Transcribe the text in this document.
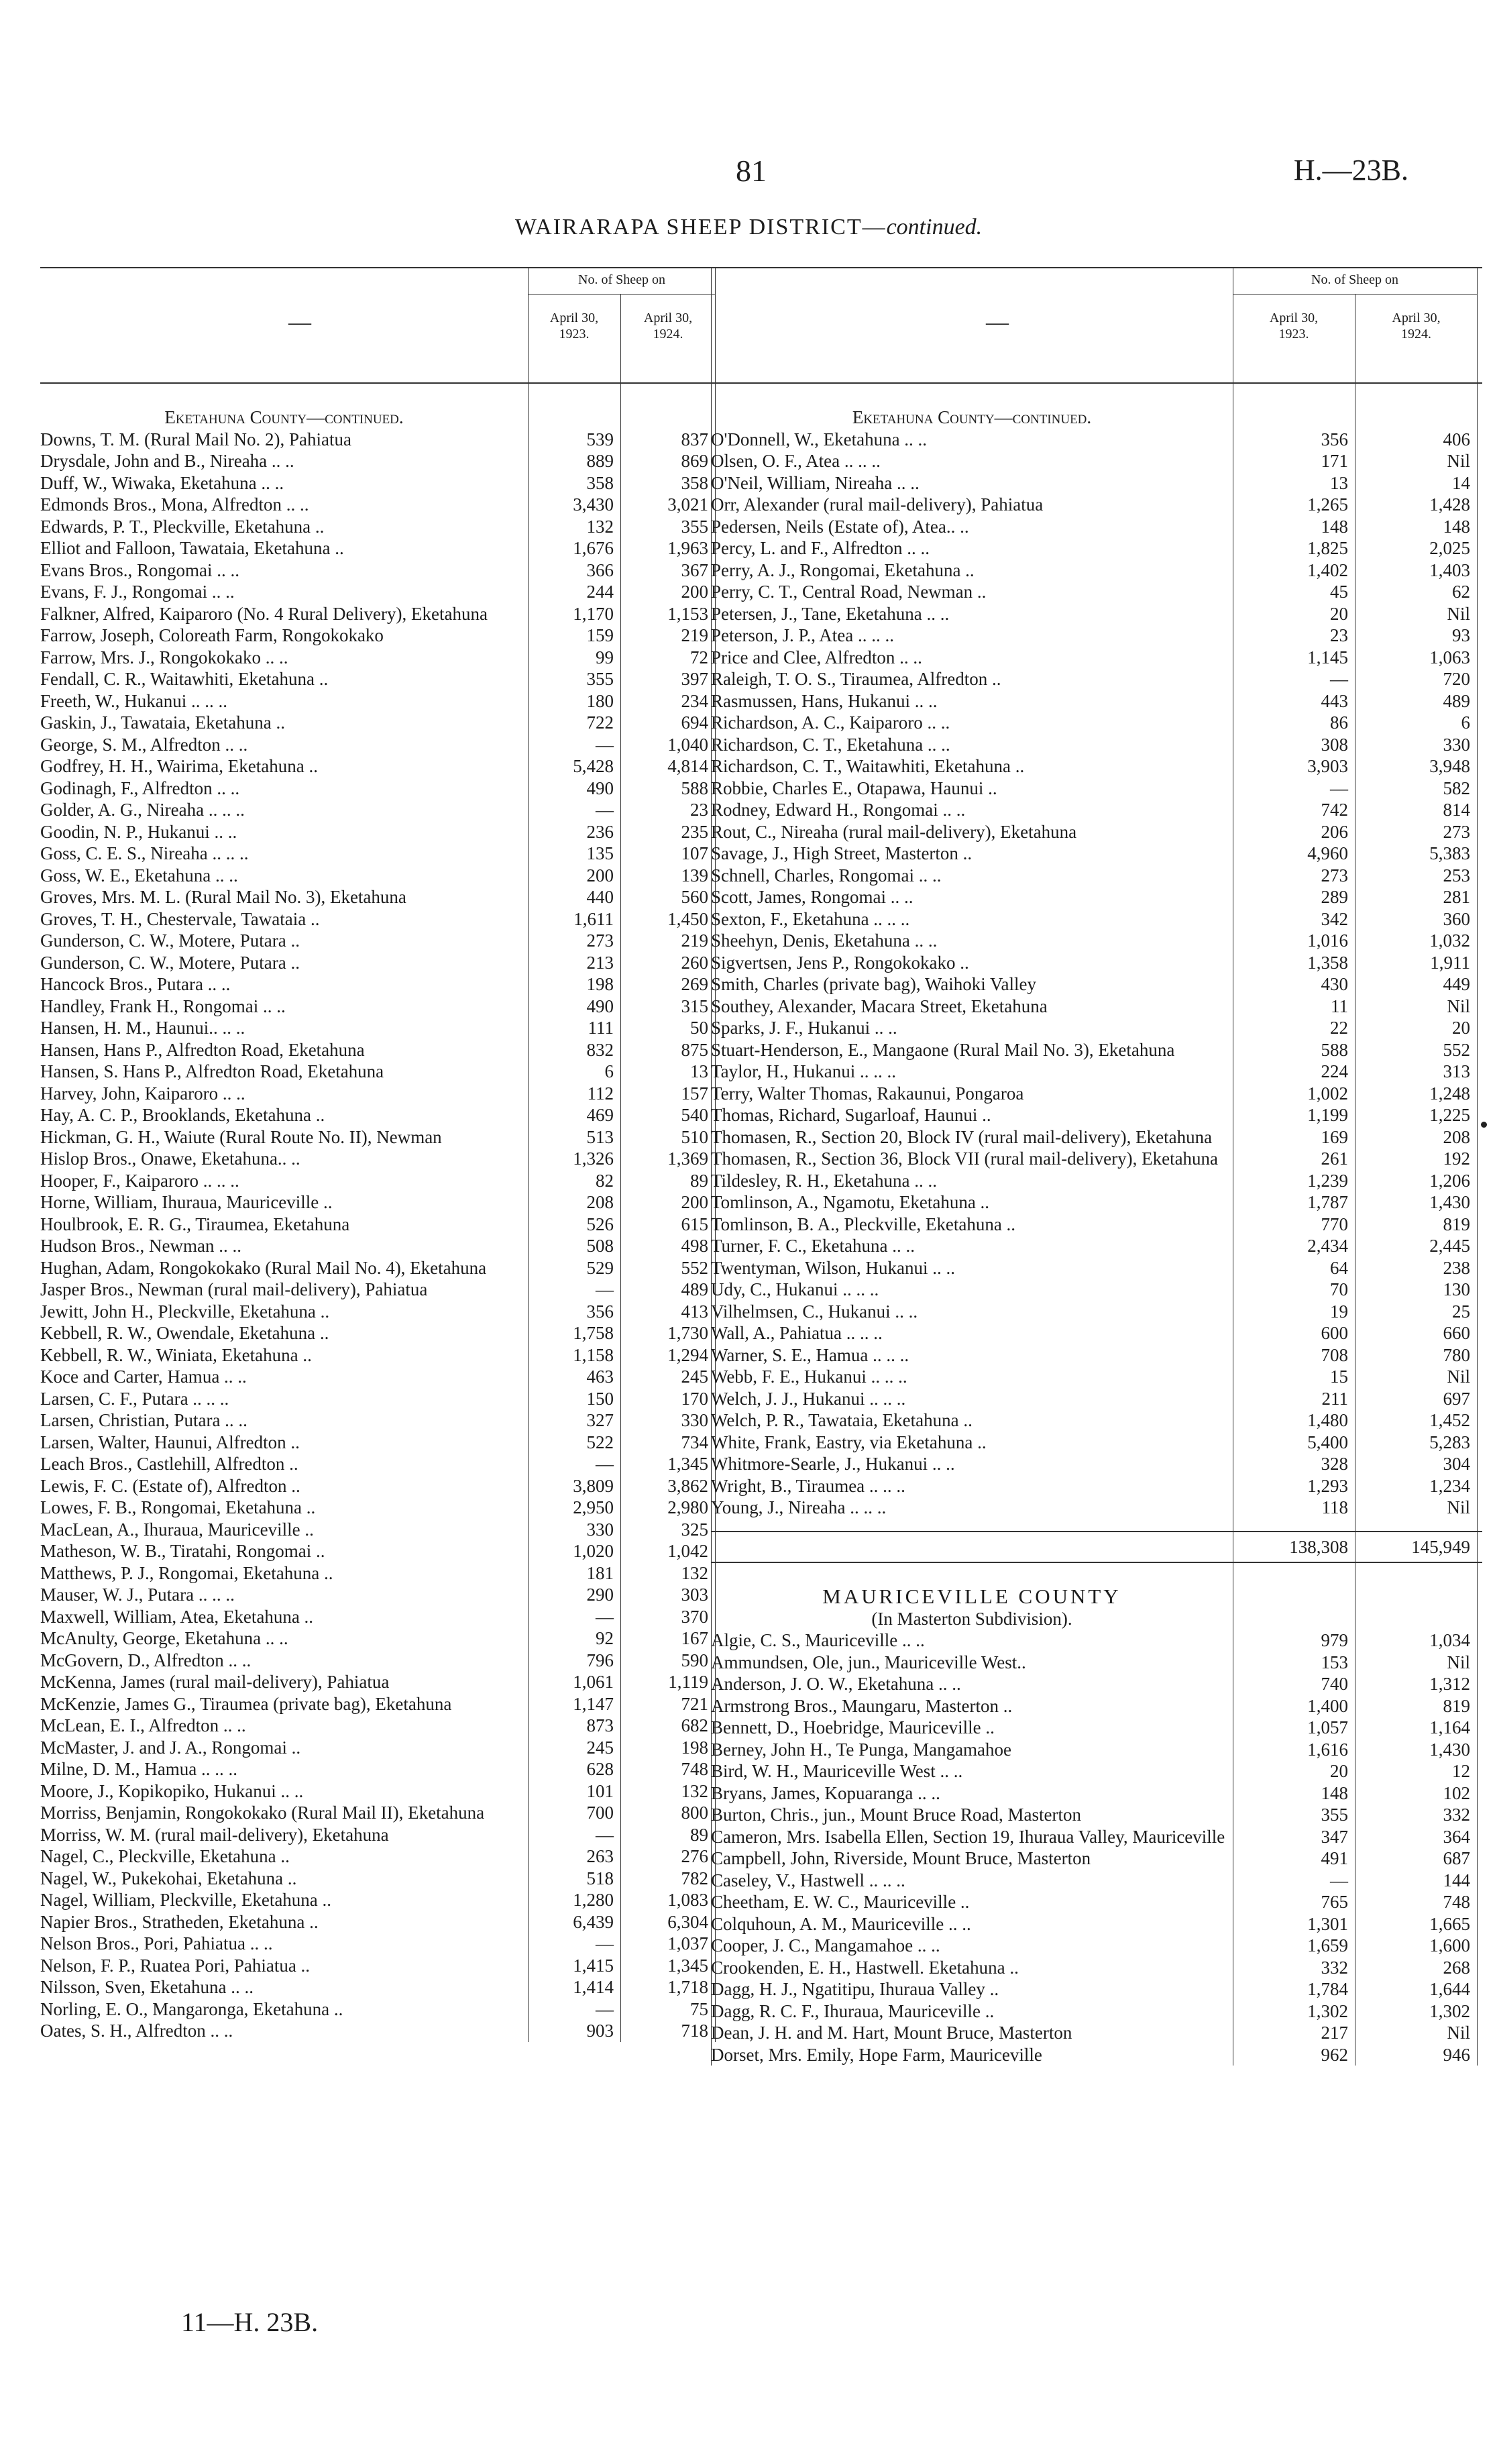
81	H.—23B.
WAIRARAPA SHEEP DISTRICT—continued.
—
No. of Sheep on
April 30,
1923.
April 30,
1924.
Eketahuna County—continued.
Downs, T. M. (Rural Mail No. 2), Pahiatua	539	837
Drysdale, John and B., Nireaha .. ..	889	869
Duff, W., Wiwaka, Eketahuna .. ..	358	358
Edmonds Bros., Mona, Alfredton .. ..	3,430	3,021
Edwards, P. T., Pleckville, Eketahuna ..	132	355
Elliot and Falloon, Tawataia, Eketahuna ..	1,676	1,963
Evans Bros., Rongomai .. ..	366	367
Evans, F. J., Rongomai .. ..	244	200
Falkner, Alfred, Kaiparoro (No. 4 Rural Delivery), Eketahuna	1,170	1,153
Farrow, Joseph, Coloreath Farm, Rongokokako	159	219
Farrow, Mrs. J., Rongokokako .. ..	99	72
Fendall, C. R., Waitawhiti, Eketahuna ..	355	397
Freeth, W., Hukanui .. .. ..	180	234
Gaskin, J., Tawataia, Eketahuna ..	722	694
George, S. M., Alfredton .. ..	—	1,040
Godfrey, H. H., Wairima, Eketahuna ..	5,428	4,814
Godinagh, F., Alfredton .. ..	490	588
Golder, A. G., Nireaha .. .. ..	—	23
Goodin, N. P., Hukanui .. ..	236	235
Goss, C. E. S., Nireaha .. .. ..	135	107
Goss, W. E., Eketahuna .. ..	200	139
Groves, Mrs. M. L. (Rural Mail No. 3), Eketahuna	440	560
Groves, T. H., Chestervale, Tawataia ..	1,611	1,450
Gunderson, C. W., Motere, Putara ..	273	219
Gunderson, C. W., Motere, Putara ..	213	260
Hancock Bros., Putara .. ..	198	269
Handley, Frank H., Rongomai .. ..	490	315
Hansen, H. M., Haunui.. .. ..	111	50
Hansen, Hans P., Alfredton Road, Eketahuna	832	875
Hansen, S. Hans P., Alfredton Road, Eketahuna	6	13
Harvey, John, Kaiparoro .. ..	112	157
Hay, A. C. P., Brooklands, Eketahuna ..	469	540
Hickman, G. H., Waiute (Rural Route No. II), Newman	513	510
Hislop Bros., Onawe, Eketahuna.. ..	1,326	1,369
Hooper, F., Kaiparoro .. .. ..	82	89
Horne, William, Ihuraua, Mauriceville ..	208	200
Houlbrook, E. R. G., Tiraumea, Eketahuna	526	615
Hudson Bros., Newman .. ..	508	498
Hughan, Adam, Rongokokako (Rural Mail No. 4), Eketahuna	529	552
Jasper Bros., Newman (rural mail-delivery), Pahiatua	—	489
Jewitt, John H., Pleckville, Eketahuna ..	356	413
Kebbell, R. W., Owendale, Eketahuna ..	1,758	1,730
Kebbell, R. W., Winiata, Eketahuna ..	1,158	1,294
Koce and Carter, Hamua .. ..	463	245
Larsen, C. F., Putara .. .. ..	150	170
Larsen, Christian, Putara .. ..	327	330
Larsen, Walter, Haunui, Alfredton ..	522	734
Leach Bros., Castlehill, Alfredton ..	—	1,345
Lewis, F. C. (Estate of), Alfredton ..	3,809	3,862
Lowes, F. B., Rongomai, Eketahuna ..	2,950	2,980
MacLean, A., Ihuraua, Mauriceville ..	330	325
Matheson, W. B., Tiratahi, Rongomai ..	1,020	1,042
Matthews, P. J., Rongomai, Eketahuna ..	181	132
Mauser, W. J., Putara .. .. ..	290	303
Maxwell, William, Atea, Eketahuna ..	—	370
McAnulty, George, Eketahuna .. ..	92	167
McGovern, D., Alfredton .. ..	796	590
McKenna, James (rural mail-delivery), Pahiatua	1,061	1,119
McKenzie, James G., Tiraumea (private bag), Eketahuna	1,147	721
McLean, E. I., Alfredton .. ..	873	682
McMaster, J. and J. A., Rongomai ..	245	198
Milne, D. M., Hamua .. .. ..	628	748
Moore, J., Kopikopiko, Hukanui .. ..	101	132
Morriss, Benjamin, Rongokokako (Rural Mail II), Eketahuna	700	800
Morriss, W. M. (rural mail-delivery), Eketahuna	—	89
Nagel, C., Pleckville, Eketahuna ..	263	276
Nagel, W., Pukekohai, Eketahuna ..	518	782
Nagel, William, Pleckville, Eketahuna ..	1,280	1,083
Napier Bros., Stratheden, Eketahuna ..	6,439	6,304
Nelson Bros., Pori, Pahiatua .. ..	—	1,037
Nelson, F. P., Ruatea Pori, Pahiatua ..	1,415	1,345
Nilsson, Sven, Eketahuna .. ..	1,414	1,718
Norling, E. O., Mangaronga, Eketahuna ..	—	75
Oates, S. H., Alfredton .. ..	903	718
—
No. of Sheep on
April 30,
1923.
April 30,
1924.
Eketahuna County—continued.
O'Donnell, W., Eketahuna .. ..	356	406
Olsen, O. F., Atea .. .. ..	171	Nil
O'Neil, William, Nireaha .. ..	13	14
Orr, Alexander (rural mail-delivery), Pahiatua	1,265	1,428
Pedersen, Neils (Estate of), Atea.. ..	148	148
Percy, L. and F., Alfredton .. ..	1,825	2,025
Perry, A. J., Rongomai, Eketahuna ..	1,402	1,403
Perry, C. T., Central Road, Newman ..	45	62
Petersen, J., Tane, Eketahuna .. ..	20	Nil
Peterson, J. P., Atea .. .. ..	23	93
Price and Clee, Alfredton .. ..	1,145	1,063
Raleigh, T. O. S., Tiraumea, Alfredton ..	—	720
Rasmussen, Hans, Hukanui .. ..	443	489
Richardson, A. C., Kaiparoro .. ..	86	6
Richardson, C. T., Eketahuna .. ..	308	330
Richardson, C. T., Waitawhiti, Eketahuna ..	3,903	3,948
Robbie, Charles E., Otapawa, Haunui ..	—	582
Rodney, Edward H., Rongomai .. ..	742	814
Rout, C., Nireaha (rural mail-delivery), Eketahuna	206	273
Savage, J., High Street, Masterton ..	4,960	5,383
Schnell, Charles, Rongomai .. ..	273	253
Scott, James, Rongomai .. ..	289	281
Sexton, F., Eketahuna .. .. ..	342	360
Sheehyn, Denis, Eketahuna .. ..	1,016	1,032
Sigvertsen, Jens P., Rongokokako ..	1,358	1,911
Smith, Charles (private bag), Waihoki Valley	430	449
Southey, Alexander, Macara Street, Eketahuna	11	Nil
Sparks, J. F., Hukanui .. ..	22	20
Stuart-Henderson, E., Mangaone (Rural Mail No. 3), Eketahuna	588	552
Taylor, H., Hukanui .. .. ..	224	313
Terry, Walter Thomas, Rakaunui, Pongaroa	1,002	1,248
Thomas, Richard, Sugarloaf, Haunui ..	1,199	1,225
Thomasen, R., Section 20, Block IV (rural mail-delivery), Eketahuna	169	208
Thomasen, R., Section 36, Block VII (rural mail-delivery), Eketahuna	261	192
Tildesley, R. H., Eketahuna .. ..	1,239	1,206
Tomlinson, A., Ngamotu, Eketahuna ..	1,787	1,430
Tomlinson, B. A., Pleckville, Eketahuna ..	770	819
Turner, F. C., Eketahuna .. ..	2,434	2,445
Twentyman, Wilson, Hukanui .. ..	64	238
Udy, C., Hukanui .. .. ..	70	130
Vilhelmsen, C., Hukanui .. ..	19	25
Wall, A., Pahiatua .. .. ..	600	660
Warner, S. E., Hamua .. .. ..	708	780
Webb, F. E., Hukanui .. .. ..	15	Nil
Welch, J. J., Hukanui .. .. ..	211	697
Welch, P. R., Tawataia, Eketahuna ..	1,480	1,452
White, Frank, Eastry, via Eketahuna ..	5,400	5,283
Whitmore-Searle, J., Hukanui .. ..	328	304
Wright, B., Tiraumea .. .. ..	1,293	1,234
Young, J., Nireaha .. .. ..	118	Nil
138,308	145,949
MAURICEVILLE COUNTY
(In Masterton Subdivision).
Algie, C. S., Mauriceville .. ..	979	1,034
Ammundsen, Ole, jun., Mauriceville West..	153	Nil
Anderson, J. O. W., Eketahuna .. ..	740	1,312
Armstrong Bros., Maungaru, Masterton ..	1,400	819
Bennett, D., Hoebridge, Mauriceville ..	1,057	1,164
Berney, John H., Te Punga, Mangamahoe	1,616	1,430
Bird, W. H., Mauriceville West .. ..	20	12
Bryans, James, Kopuaranga .. ..	148	102
Burton, Chris., jun., Mount Bruce Road, Masterton	355	332
Cameron, Mrs. Isabella Ellen, Section 19, Ihuraua Valley, Mauriceville	347	364
Campbell, John, Riverside, Mount Bruce, Masterton	491	687
Caseley, V., Hastwell .. .. ..	—	144
Cheetham, E. W. C., Mauriceville ..	765	748
Colquhoun, A. M., Mauriceville .. ..	1,301	1,665
Cooper, J. C., Mangamahoe .. ..	1,659	1,600
Crookenden, E. H., Hastwell. Eketahuna ..	332	268
Dagg, H. J., Ngatitipu, Ihuraua Valley ..	1,784	1,644
Dagg, R. C. F., Ihuraua, Mauriceville ..	1,302	1,302
Dean, J. H. and M. Hart, Mount Bruce, Masterton	217	Nil
Dorset, Mrs. Emily, Hope Farm, Mauriceville	962	946
11—H. 23B.
